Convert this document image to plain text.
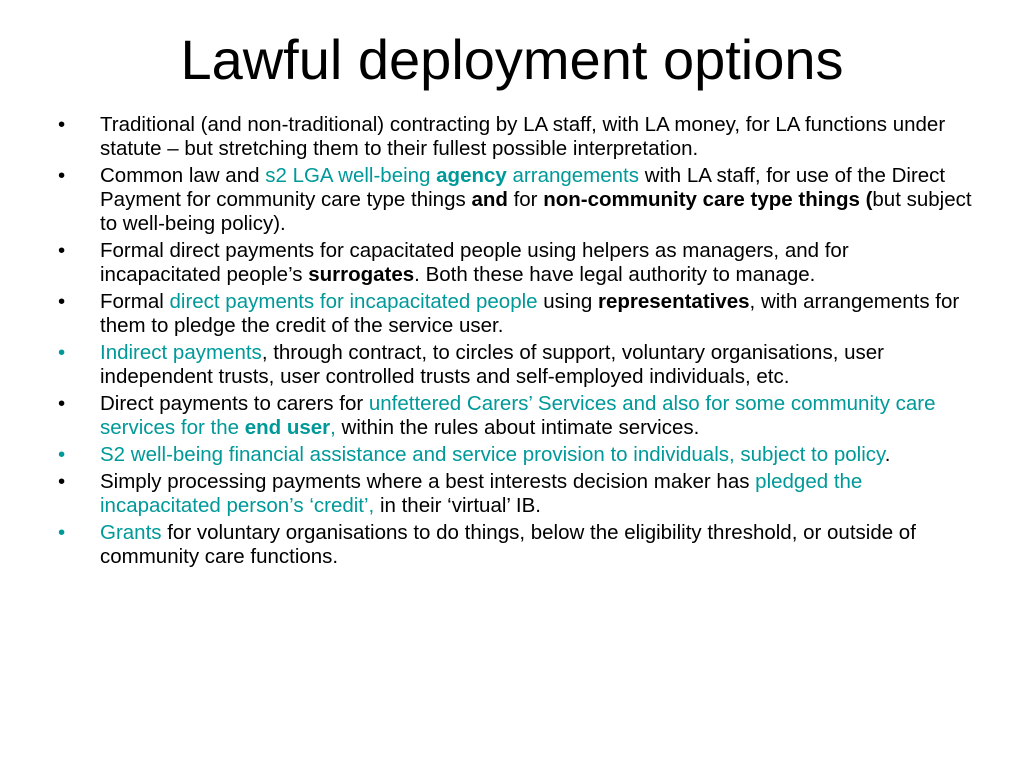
Lawful deployment options
•	Traditional (and non-traditional) contracting by LA staff, with LA money, for LA functions under statute – but stretching them to their fullest possible interpretation.
•	Common law and s2 LGA well-being agency arrangements with LA staff, for use of the Direct Payment for community care type things and for non-community care type things (but subject to well-being policy).
•	Formal direct payments for capacitated people using helpers as managers, and for incapacitated people’s surrogates. Both these have legal authority to manage.
•	Formal direct payments for incapacitated people using representatives, with arrangements for them to pledge the credit of the service user.
•	Indirect payments, through contract, to circles of support, voluntary organisations, user independent trusts, user controlled trusts and self-employed individuals, etc.
•	Direct payments to carers for unfettered Carers’ Services and also for some community care services for the end user, within the rules about intimate services.
•	S2 well-being financial assistance and service provision to individuals, subject to policy.
•	Simply processing payments where a best interests decision maker has pledged the incapacitated person’s ‘credit’, in their ‘virtual’ IB.
•	Grants for voluntary organisations to do things, below the eligibility threshold, or outside of community care functions.
